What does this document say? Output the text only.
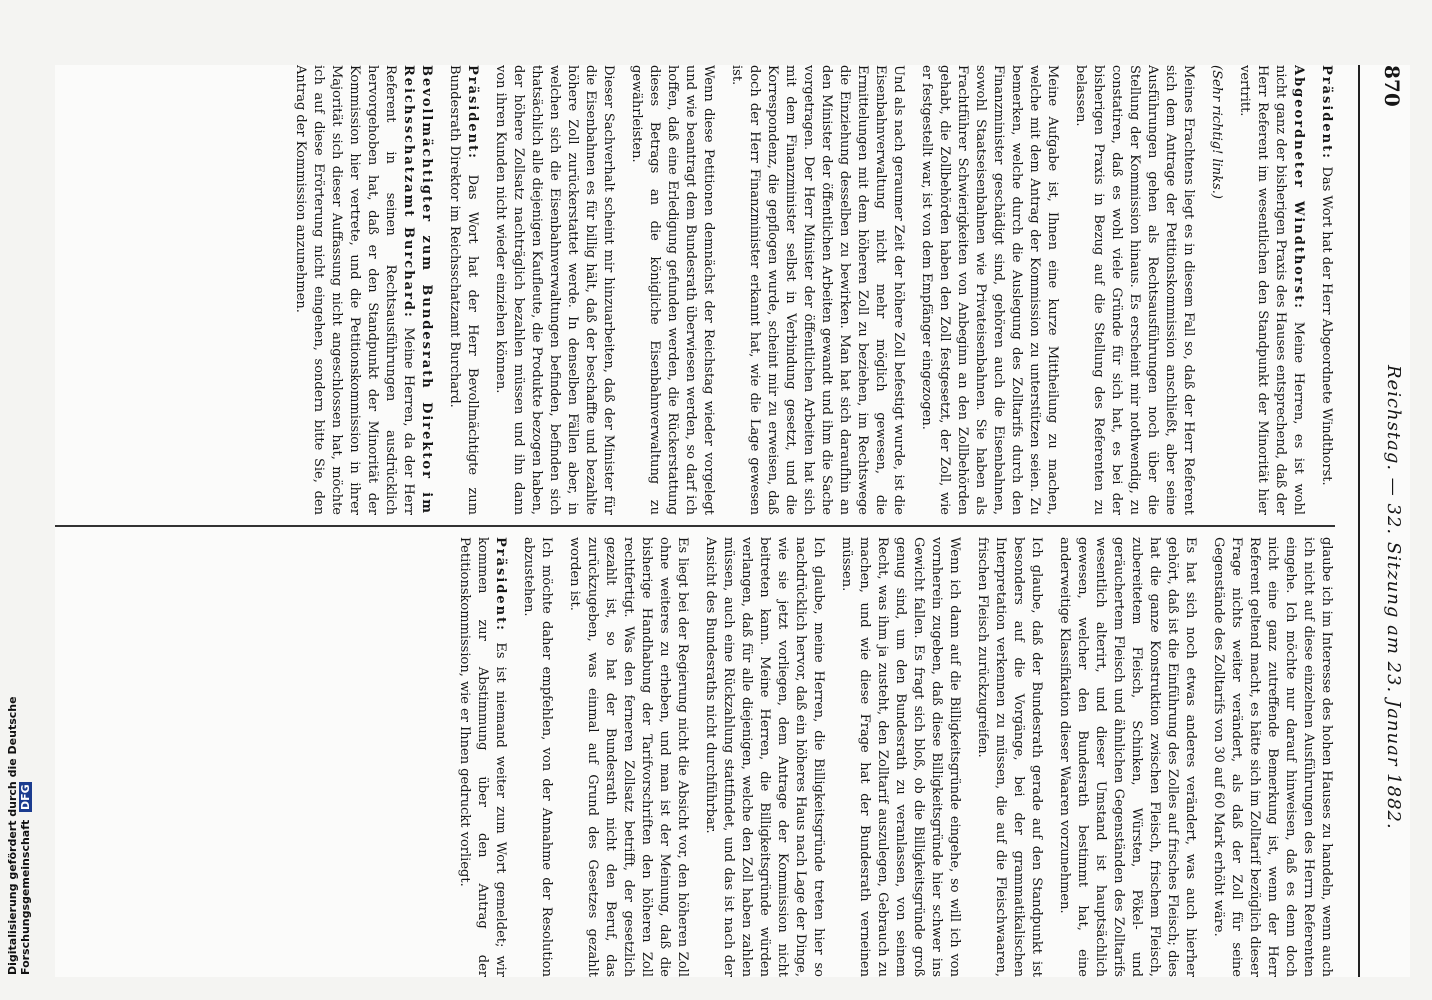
870
Reichstag. — 32. Sitzung am 23. Januar 1882.
Präsident: Das Wort hat der Herr Abgeordnete Windthorst.
Abgeordneter Windthorst: Meine Herren, es ist wohl nicht ganz der bisherigen Praxis des Hauses entsprechend, daß der Herr Referent im wesentlichen den Standpunkt der Minorität hier vertritt.
(Sehr richtig! links.)
Meines Erachtens liegt es in diesem Fall so, daß der Herr Referent sich dem Antrage der Petitionskommission anschließt, aber seine Ausführungen gehen als Rechtsausführungen noch über die Stellung der Kommission hinaus. Es erscheint mir nothwendig, zu constatiren, daß es wohl viele Gründe für sich hat, es bei der bisherigen Praxis in Bezug auf die Stellung des Referenten zu belassen.
Meine Aufgabe ist, Ihnen eine kurze Mittheilung zu machen, welche mit dem Antrag der Kommission zu unterstützen seien. Zu bemerken, welche durch die Auslegung des Zolltarifs durch den Finanzminister geschädigt sind, gehören auch die Eisenbahnen, sowohl Staatseisenbahnen wie Privateisenbahnen. Sie haben als Frachtführer Schwierigkeiten von Anbeginn an den Zollbehörden gehabt, die Zollbehörden haben den Zoll festgesetzt, der Zoll, wie er festgestellt war, ist von dem Empfänger eingezogen.
Und als nach geraumer Zeit der höhere Zoll befestigt wurde, ist die Eisenbahnverwaltung nicht mehr möglich gewesen, die Ermittelungen mit dem höheren Zoll zu beziehen, im Rechtswege die Einziehung desselben zu bewirken. Man hat sich daraufhin an den Minister der öffentlichen Arbeiten gewandt und ihm die Sache vorgetragen. Der Herr Minister der öffentlichen Arbeiten hat sich mit dem Finanzminister selbst in Verbindung gesetzt, und die Korrespondenz, die gepflogen wurde, scheint mir zu erweisen, daß doch der Herr Finanzminister erkannt hat, wie die Lage gewesen ist.
Wenn diese Petitionen demnächst der Reichstag wieder vorgelegt und wie beantragt dem Bundesrath überwiesen werden, so darf ich hoffen, daß eine Erledigung gefunden werden, die Rückerstattung dieses Betrags an die königliche Eisenbahnverwaltung zu gewährleisten.
Dieser Sachverhalt scheint mir hinzuarbeiten, daß der Minister für die Eisenbahnen es für billig hält, daß der beschaffte und bezahlte höhere Zoll zurückerstattet werde. In denselben Fällen aber, in welchen sich die Eisenbahnverwaltungen befinden, befinden sich thatsächlich alle diejenigen Kaufleute, die Produkte bezogen haben, der höhere Zollsatz nachträglich bezahlen müssen und ihn dann von ihren Kunden nicht wieder einziehen können.
Präsident: Das Wort hat der Herr Bevollmächtigte zum Bundesrath Direktor im Reichsschatzamt Burchard.
Bevollmächtigter zum Bundesrath Direktor im Reichsschatzamt Burchard: Meine Herren, da der Herr Referent in seinen Rechtsausführungen ausdrücklich hervorgehoben hat, daß er den Standpunkt der Minorität der Kommission hier vertrete, und die Petitionskommission in ihrer Majorität sich dieser Auffassung nicht angeschlossen hat, möchte ich auf diese Erörterung nicht eingehen, sondern bitte Sie, den Antrag der Kommission anzunehmen.
glaube ich im Interesse des hohen Hauses zu handeln, wenn auch ich nicht auf diese einzelnen Ausführungen des Herrn Referenten eingehe. Ich möchte nur darauf hinweisen, daß es denn doch nicht eine ganz zutreffende Bemerkung ist, wenn der Herr Referent geltend macht, es hätte sich im Zolltarif bezüglich dieser Frage nichts weiter verändert, als daß der Zoll für seine Gegenstände des Zolltarifs von 30 auf 60 Mark erhöht wäre.
Es hat sich noch etwas anderes verändert, was auch hierher gehört, daß ist die Einführung des Zolles auf frisches Fleisch; dies hat die ganze Konstruktion zwischen Fleisch, frischem Fleisch, zubereitetem Fleisch, Schinken, Würsten, Pökel- und geräuchertem Fleisch und ähnlichen Gegenständen des Zolltarifs wesentlich alterirt, und dieser Umstand ist hauptsächlich gewesen, welcher den Bundesrath bestimmt hat, eine anderweitige Klassifikation dieser Waaren vorzunehmen.
Ich glaube, daß der Bundesrath gerade auf den Standpunkt ist besonders auf die Vorgänge, bei der grammatikalischen Interpretation verkennen zu müssen, die auf die Fleischwaaren, frischen Fleisch zurückzugreifen.
Wenn ich dann auf die Billigkeitsgründe eingehe, so will ich von vornherein zugeben, daß diese Billigkeitsgründe hier schwer ins Gewicht fallen. Es fragt sich bloß, ob die Billigkeitsgründe groß genug sind, um den Bundesrath zu veranlassen, von seinem Recht, was ihm ja zusteht, den Zolltarif auszulegen, Gebrauch zu machen, und wie diese Frage hat der Bundesrath verneinen müssen.
Ich glaube, meine Herren, die Billigkeitsgründe treten hier so nachdrücklich hervor, daß ein höheres Haus nach Lage der Dinge, wie sie jetzt vorliegen, dem Antrage der Kommission nicht beitreten kann. Meine Herren, die Billigkeitsgründe würden verlangen, daß für alle diejenigen, welche den Zoll haben zahlen müssen, auch eine Rückzahlung stattfindet, und das ist nach der Ansicht des Bundesraths nicht durchführbar.
Es liegt bei der Regierung nicht die Absicht vor, den höheren Zoll ohne weiteres zu erheben, und man ist der Meinung, daß die bisherige Handhabung der Tarifvorschriften den höheren Zoll rechtfertigt. Was den ferneren Zollsatz betrifft, der gesetzlich gezahlt ist, so hat der Bundesrath nicht den Beruf, das zurückzugeben, was einmal auf Grund des Gesetzes gezahlt worden ist.
Ich möchte daher empfehlen, von der Annahme der Resolution abzustehen.
Präsident: Es ist niemand weiter zum Wort gemeldet; wir kommen zur Abstimmung über den Antrag der Petitionskommission, wie er Ihnen gedruckt vorliegt.
Digitalisierung gefördert durch die Deutsche Forschungsgemeinschaft DFG
